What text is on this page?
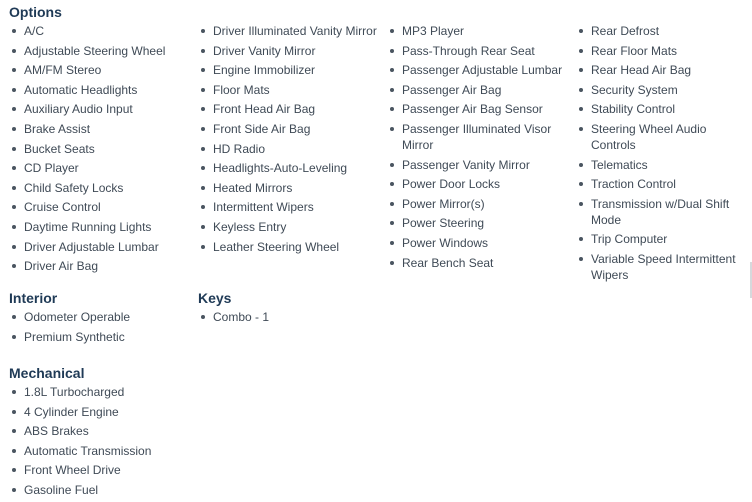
Options
A/C
Adjustable Steering Wheel
AM/FM Stereo
Automatic Headlights
Auxiliary Audio Input
Brake Assist
Bucket Seats
CD Player
Child Safety Locks
Cruise Control
Daytime Running Lights
Driver Adjustable Lumbar
Driver Air Bag
Driver Illuminated Vanity Mirror
Driver Vanity Mirror
Engine Immobilizer
Floor Mats
Front Head Air Bag
Front Side Air Bag
HD Radio
Headlights-Auto-Leveling
Heated Mirrors
Intermittent Wipers
Keyless Entry
Leather Steering Wheel
MP3 Player
Pass-Through Rear Seat
Passenger Adjustable Lumbar
Passenger Air Bag
Passenger Air Bag Sensor
Passenger Illuminated Visor Mirror
Passenger Vanity Mirror
Power Door Locks
Power Mirror(s)
Power Steering
Power Windows
Rear Bench Seat
Rear Defrost
Rear Floor Mats
Rear Head Air Bag
Security System
Stability Control
Steering Wheel Audio Controls
Telematics
Traction Control
Transmission w/Dual Shift Mode
Trip Computer
Variable Speed Intermittent Wipers
Interior
Odometer Operable
Premium Synthetic
Keys
Combo - 1
Mechanical
1.8L Turbocharged
4 Cylinder Engine
ABS Brakes
Automatic Transmission
Front Wheel Drive
Gasoline Fuel
